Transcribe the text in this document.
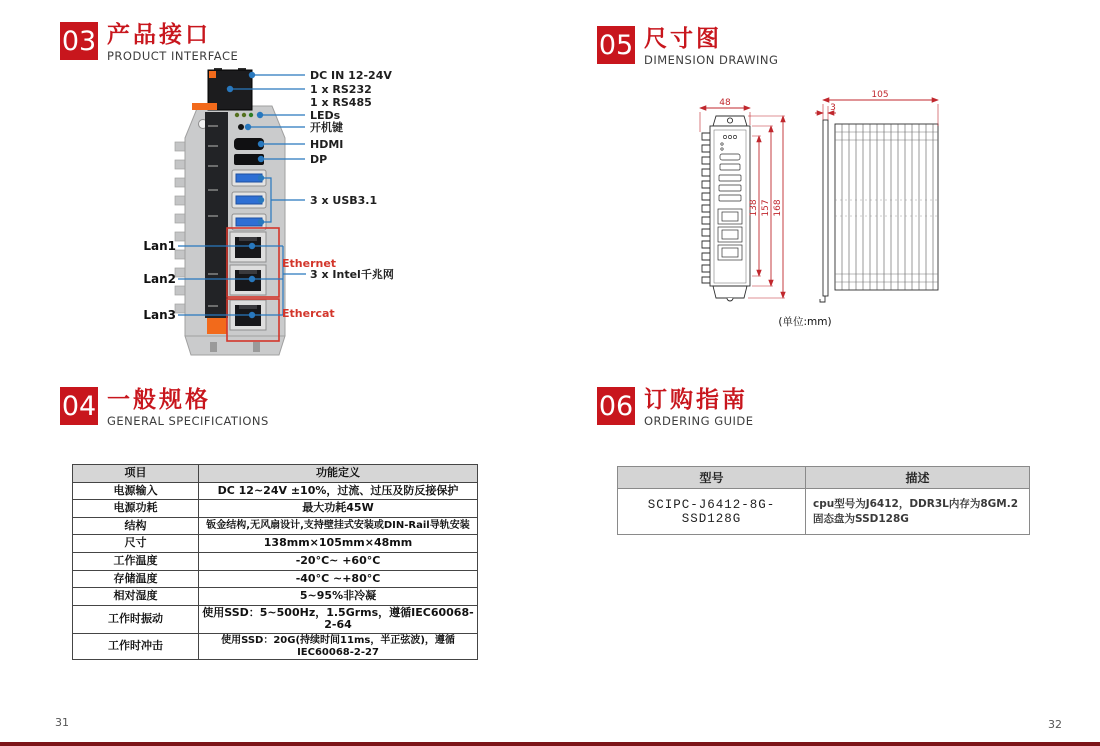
03 产品接口
PRODUCT INTERFACE
DC IN 12-24V
1 x RS232
1 x RS485
LEDs
开机键
HDMI
DP
3 x USB3.1
Lan1
Lan2
Lan3
Ethernet
3 x Intel千兆网
Ethercat
05 尺寸图
DIMENSION DRAWING
48
138 157 168
105
3
(单位:mm)
04 一般规格
GENERAL SPECIFICATIONS
项目	功能定义
电源输入	DC 12~24V ±10%，过流、过压及防反接保护
电源功耗	最大功耗45W
结构	钣金结构,无风扇设计,支持壁挂式安装或DIN-Rail导轨安装
尺寸	138mm×105mm×48mm
工作温度	-20°C~ +60°C
存储温度	-40°C ~+80°C
相对湿度	5~95%非冷凝
工作时振动	使用SSD：5~500Hz，1.5Grms，遵循IEC60068-2-64
工作时冲击	使用SSD：20G(持续时间11ms，半正弦波)，遵循IEC60068-2-27
06 订购指南
ORDERING GUIDE
型号	描述
SCIPC-J6412-8G-SSD128G	cpu型号为J6412，DDR3L内存为8GM.2固态盘为SSD128G
31	32
